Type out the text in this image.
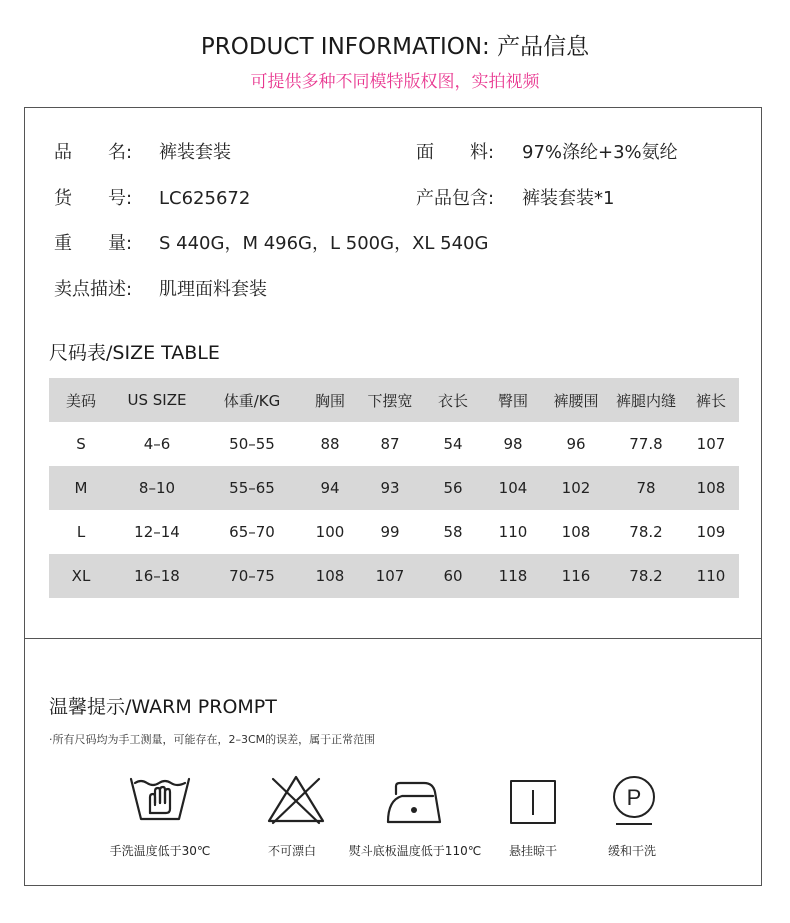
PRODUCT INFORMATION: 产品信息
可提供多种不同模特版权图，实拍视频
品　　名: 裤装套装	面　　料: 97%涤纶+3%氨纶
货　　号: LC625672	产品包含: 裤装套装*1
重　　量: S 440G，M 496G，L 500G，XL 540G
卖点描述: 肌理面料套装
尺码表/SIZE TABLE
美码	US SIZE	体重/KG	胸围	下摆宽	衣长	臀围	裤腰围	裤腿内缝	裤长
S	4–6	50–55	88	87	54	98	96	77.8	107
M	8–10	55–65	94	93	56	104	102	78	108
L	12–14	65–70	100	99	58	110	108	78.2	109
XL	16–18	70–75	108	107	60	118	116	78.2	110
温馨提示/WARM PROMPT
·所有尺码均为手工测量，可能存在，2–3CM的误差，属于正常范围
手洗温度低于30℃	不可漂白	熨斗底板温度低于110℃ 悬挂晾干
P
缓和干洗
